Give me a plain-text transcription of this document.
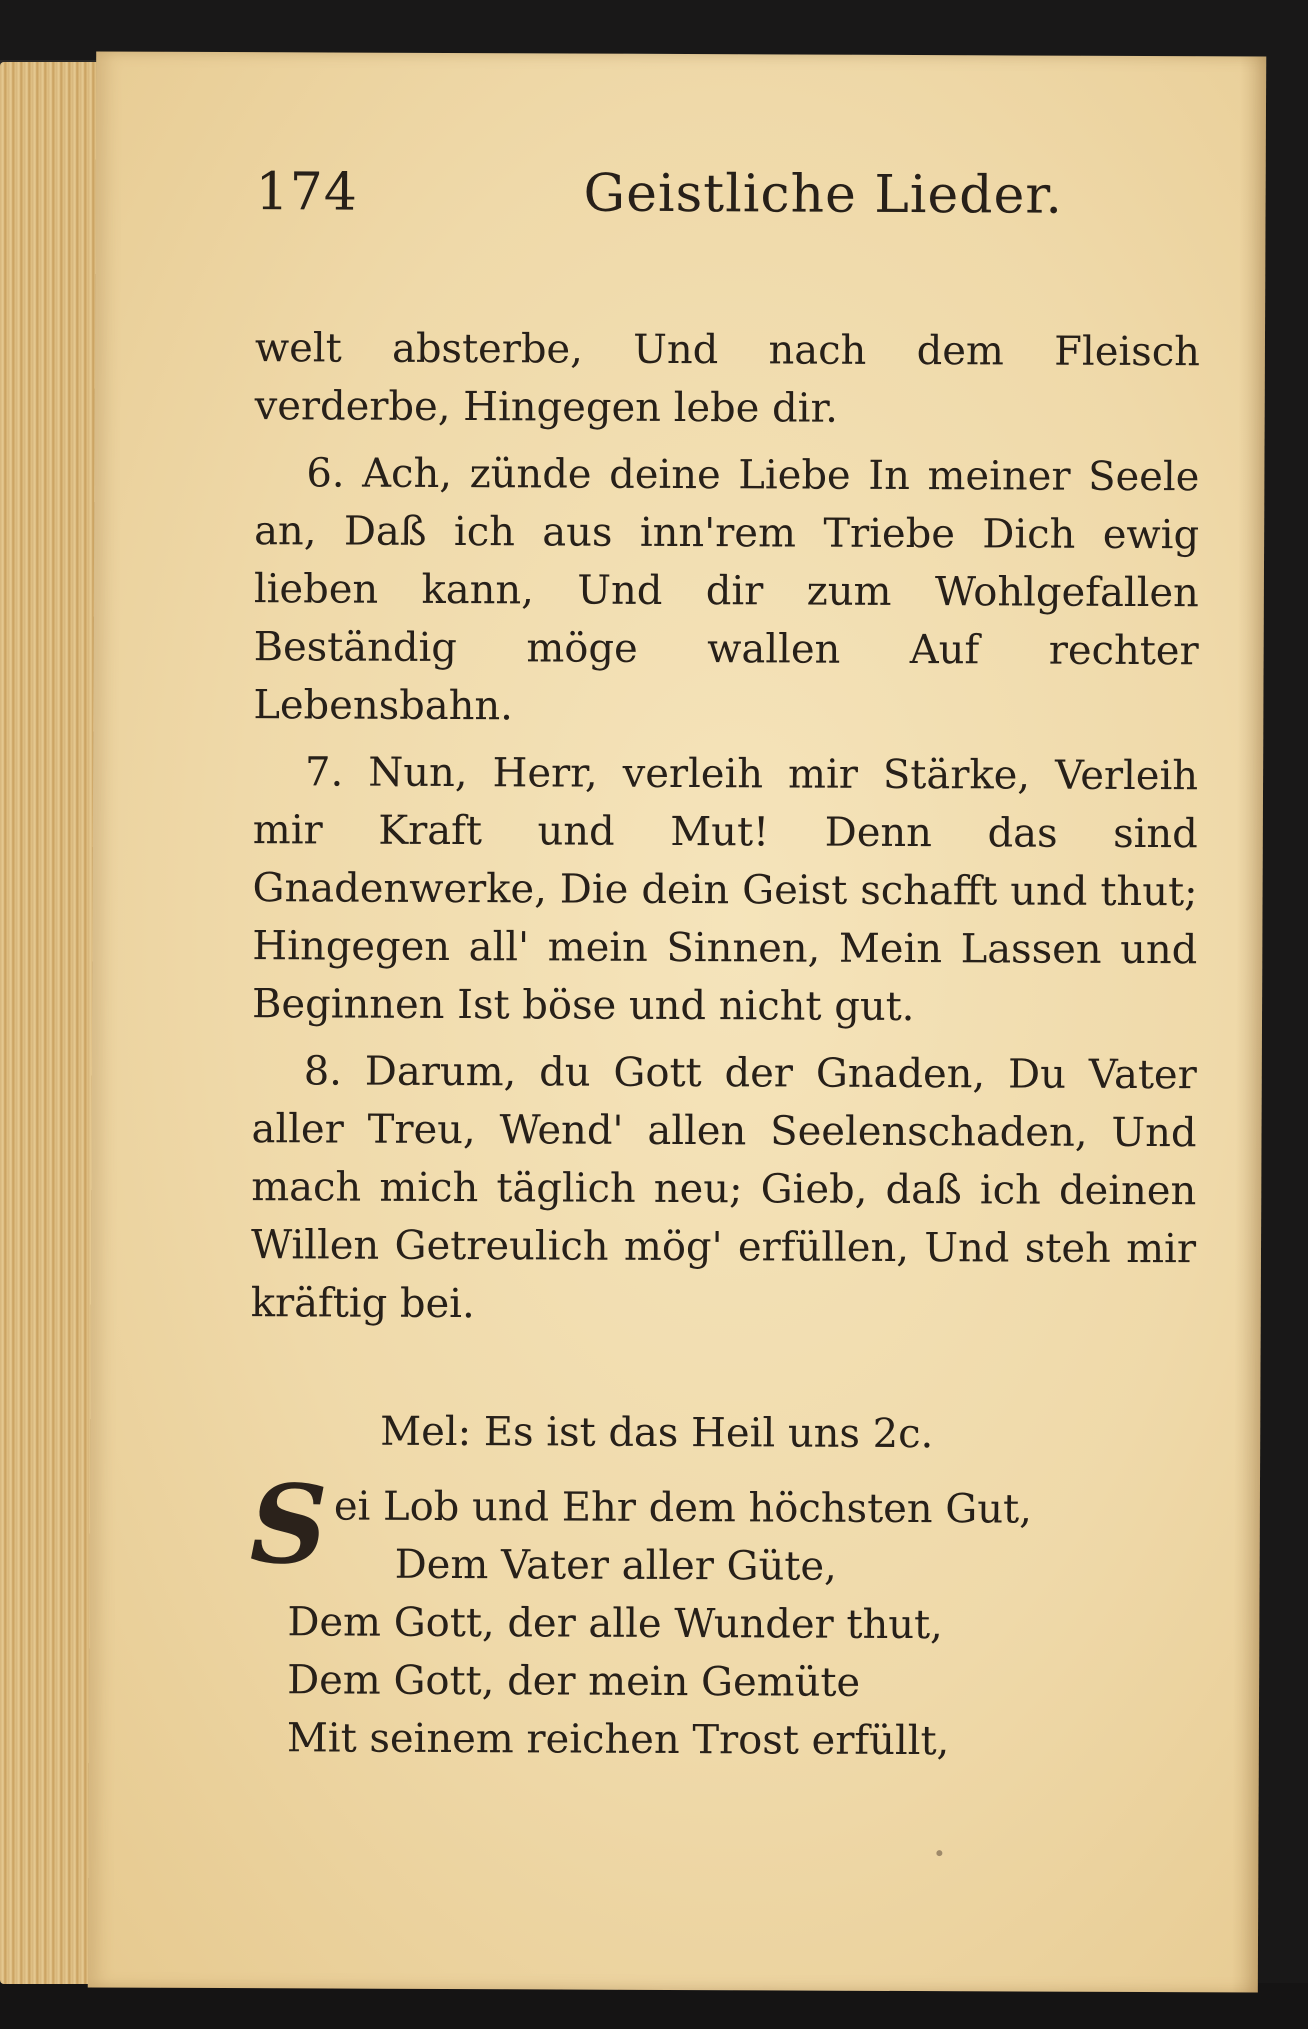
174	Geistliche Lieder.

welt absterbe, Und nach dem Fleisch verderbe, Hingegen lebe dir.

6. Ach, zünde deine Liebe In meiner Seele an, Daß ich aus inn'rem Triebe Dich ewig lieben kann, Und dir zum Wohlgefallen Beständig möge wallen Auf rechter Lebensbahn.

7. Nun, Herr, verleih mir Stärke, Verleih mir Kraft und Mut! Denn das sind Gnadenwerke, Die dein Geist schafft und thut; Hingegen all' mein Sinnen, Mein Lassen und Beginnen Ist böse und nicht gut.

8. Darum, du Gott der Gnaden, Du Vater aller Treu, Wend' allen Seelenschaden, Und mach mich täglich neu; Gieb, daß ich deinen Willen Getreulich mög' erfüllen, Und steh mir kräftig bei.

Mel: Es ist das Heil uns 2c.
S ei Lob und Ehr dem höchsten Gut,
Dem Vater aller Güte,
Dem Gott, der alle Wunder thut,
Dem Gott, der mein Gemüte
Mit seinem reichen Trost erfüllt,
